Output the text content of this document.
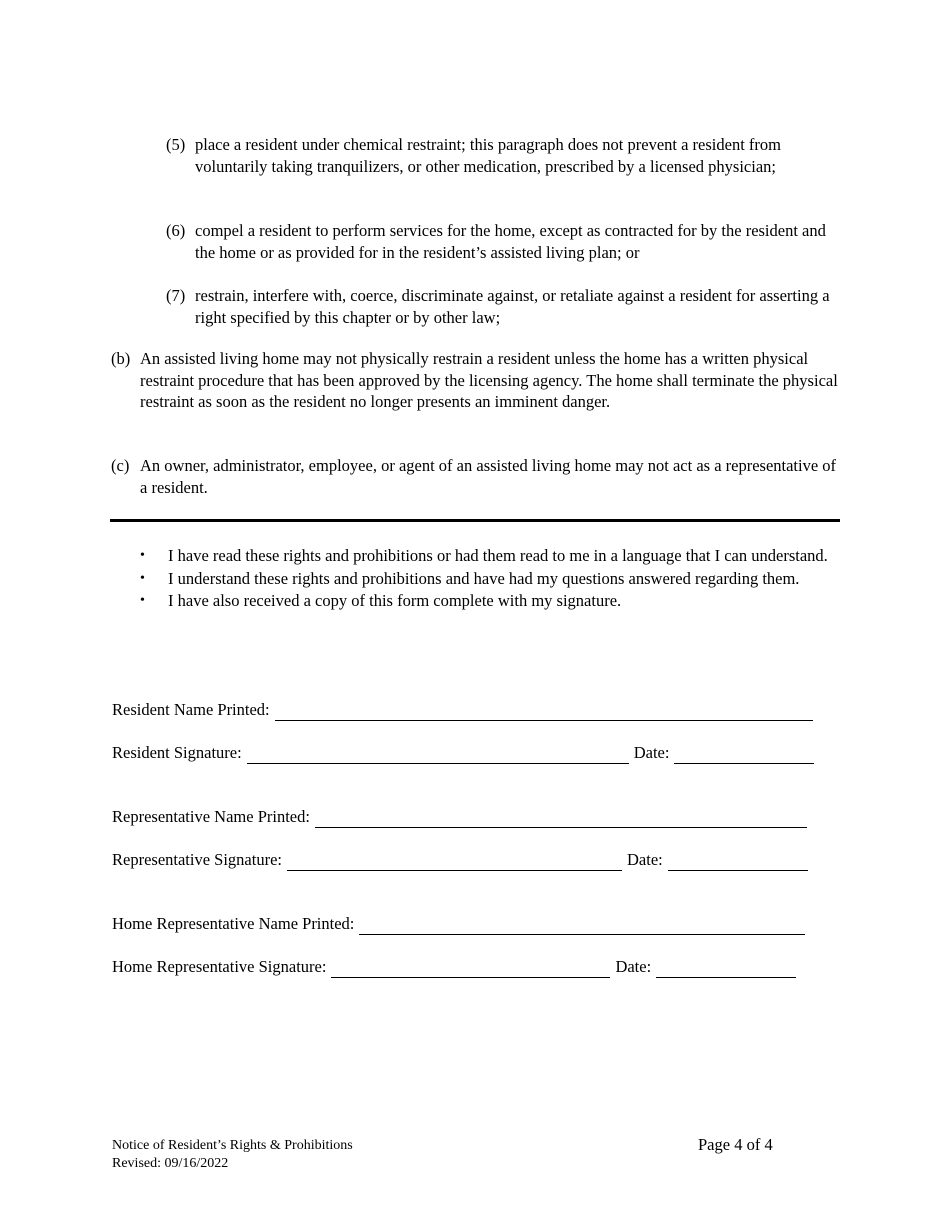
(5) place a resident under chemical restraint; this paragraph does not prevent a resident from voluntarily taking tranquilizers, or other medication, prescribed by a licensed physician;
(6) compel a resident to perform services for the home, except as contracted for by the resident and the home or as provided for in the resident’s assisted living plan; or
(7) restrain, interfere with, coerce, discriminate against, or retaliate against a resident for asserting a right specified by this chapter or by other law;
(b) An assisted living home may not physically restrain a resident unless the home has a written physical restraint procedure that has been approved by the licensing agency. The home shall terminate the physical restraint as soon as the resident no longer presents an imminent danger.
(c) An owner, administrator, employee, or agent of an assisted living home may not act as a representative of a resident.
•	I have read these rights and prohibitions or had them read to me in a language that I can understand.
•	I understand these rights and prohibitions and have had my questions answered regarding them.
•	I have also received a copy of this form complete with my signature.
Resident Name Printed:
Resident Signature:	Date:
Representative Name Printed:
Representative Signature:	Date:
Home Representative Name Printed:
Home Representative Signature:	Date:
Notice of Resident’s Rights & Prohibitions
Revised: 09/16/2022
Page 4 of 4
